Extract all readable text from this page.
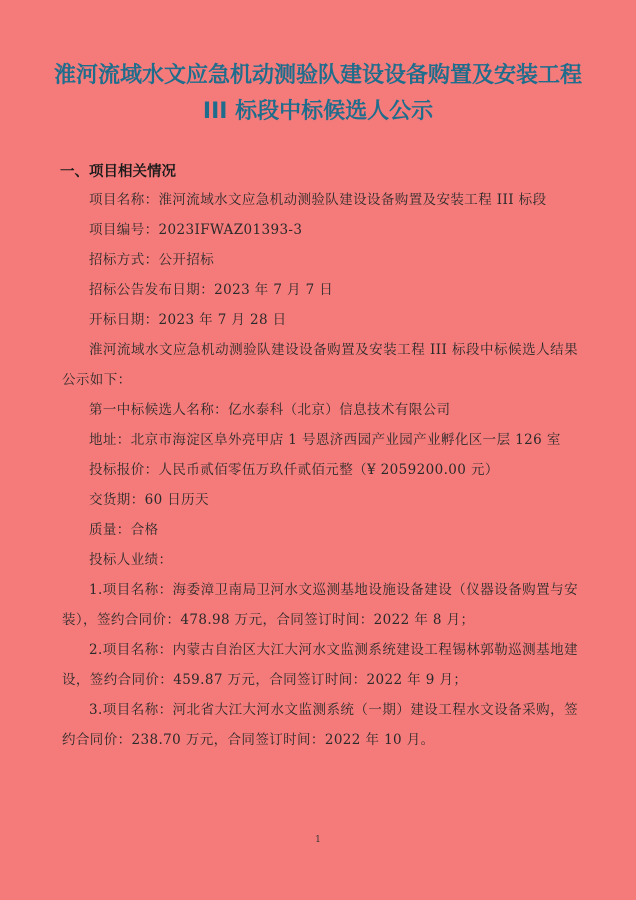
淮河流域水文应急机动测验队建设设备购置及安装工程 III 标段中标候选人公示
一、项目相关情况

项目名称：淮河流域水文应急机动测验队建设设备购置及安装工程 III 标段

项目编号：2023IFWAZ01393-3

招标方式：公开招标

招标公告发布日期：2023 年 7 月 7 日

开标日期：2023 年 7 月 28 日

淮河流域水文应急机动测验队建设设备购置及安装工程 III 标段中标候选人结果公示如下：

第一中标候选人名称：亿水泰科（北京）信息技术有限公司

地址：北京市海淀区阜外亮甲店 1 号恩济西园产业园产业孵化区一层 126 室

投标报价：人民币贰佰零伍万玖仟贰佰元整（¥ 2059200.00 元）

交货期：60 日历天

质量：合格

投标人业绩：

1.项目名称：海委漳卫南局卫河水文巡测基地设施设备建设（仪器设备购置与安装），签约合同价：478.98 万元，合同签订时间：2022 年 8 月；

2.项目名称：内蒙古自治区大江大河水文监测系统建设工程锡林郭勒巡测基地建设，签约合同价：459.87 万元，合同签订时间：2022 年 9 月；

3.项目名称：河北省大江大河水文监测系统（一期）建设工程水文设备采购，签约合同价：238.70 万元，合同签订时间：2022 年 10 月。

1
